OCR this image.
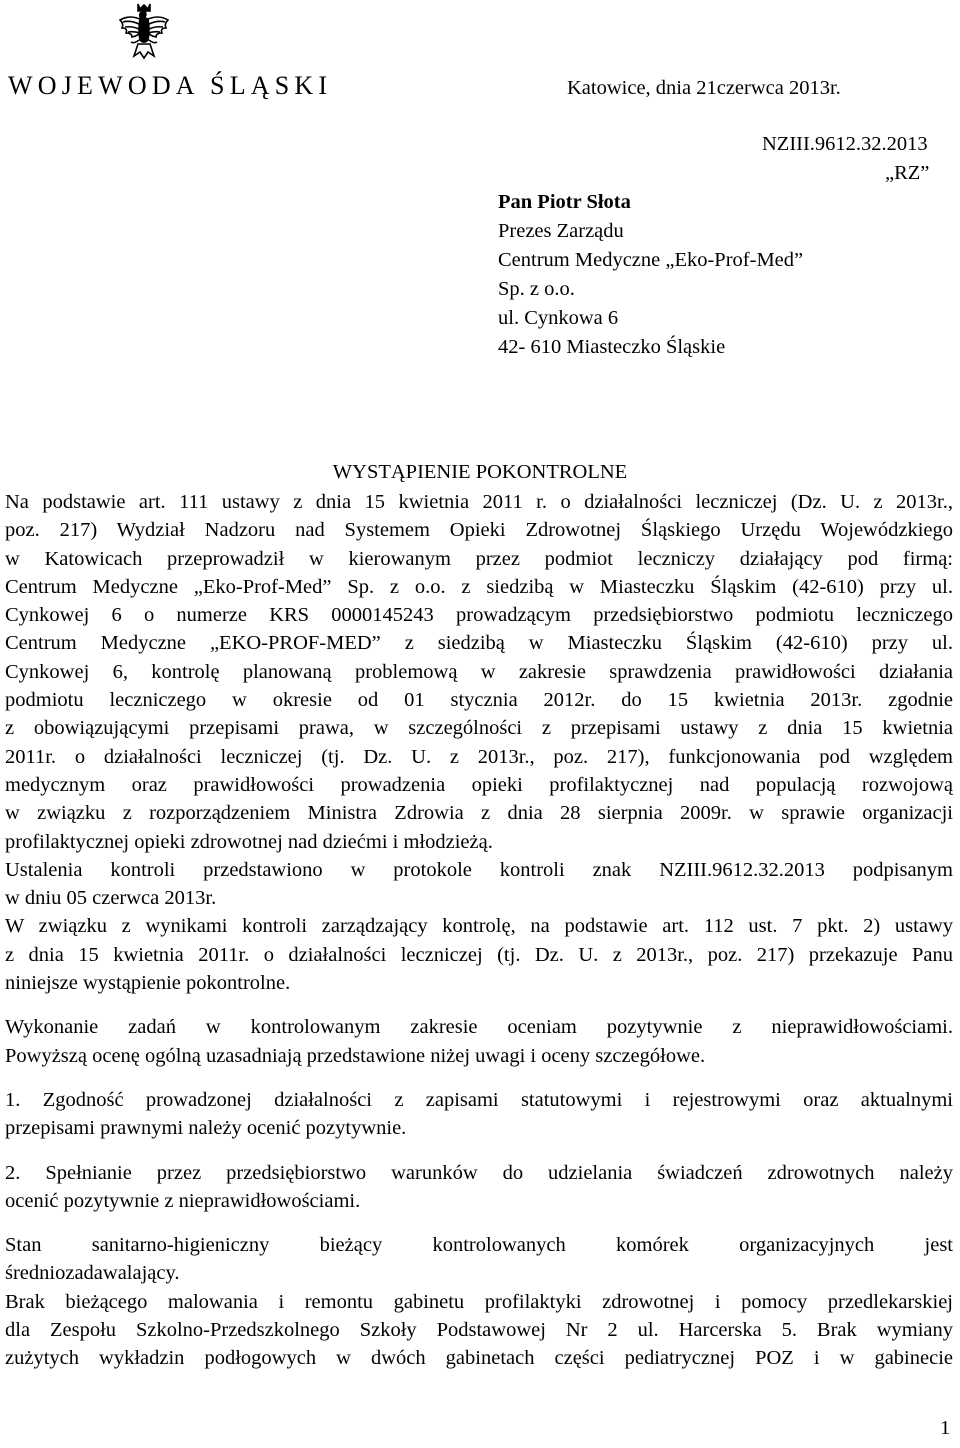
WOJEWODA ŚLĄSKI	Katowice, dnia 21czerwca 2013r.
NZIII.9612.32.2013
„RZ”
Pan Piotr Słota
Prezes Zarządu
Centrum Medyczne „Eko-Prof-Med”
Sp. z o.o.
ul. Cynkowa 6
42- 610 Miasteczko Śląskie
WYSTĄPIENIE POKONTROLNE
Na podstawie art. 111 ustawy z dnia 15 kwietnia 2011 r. o działalności leczniczej (Dz. U. z 2013r.,
poz. 217) Wydział Nadzoru nad Systemem Opieki Zdrowotnej Śląskiego Urzędu Wojewódzkiego
w Katowicach przeprowadził w kierowanym przez podmiot leczniczy działający pod firmą:
Centrum Medyczne „Eko-Prof-Med” Sp. z o.o. z siedzibą w Miasteczku Śląskim (42-610) przy ul.
Cynkowej 6 o numerze KRS 0000145243 prowadzącym przedsiębiorstwo podmiotu leczniczego
Centrum Medyczne „EKO-PROF-MED” z siedzibą w Miasteczku Śląskim (42-610) przy ul.
Cynkowej 6, kontrolę planowaną problemową w zakresie sprawdzenia prawidłowości działania
podmiotu leczniczego w okresie od 01 stycznia 2012r. do 15 kwietnia 2013r. zgodnie
z obowiązującymi przepisami prawa, w szczególności z przepisami ustawy z dnia 15 kwietnia
2011r. o działalności leczniczej (tj. Dz. U. z 2013r., poz. 217), funkcjonowania pod względem
medycznym oraz prawidłowości prowadzenia opieki profilaktycznej nad populacją rozwojową
w związku z rozporządzeniem Ministra Zdrowia z dnia 28 sierpnia 2009r. w sprawie organizacji
profilaktycznej opieki zdrowotnej nad dziećmi i młodzieżą.
Ustalenia kontroli przedstawiono w protokole kontroli znak NZIII.9612.32.2013 podpisanym
w dniu 05 czerwca 2013r.
W związku z wynikami kontroli zarządzający kontrolę, na podstawie art. 112 ust. 7 pkt. 2) ustawy
z dnia 15 kwietnia 2011r. o działalności leczniczej (tj. Dz. U. z 2013r., poz. 217) przekazuje Panu
niniejsze wystąpienie pokontrolne.
Wykonanie zadań w kontrolowanym zakresie oceniam pozytywnie z nieprawidłowościami.
Powyższą ocenę ogólną uzasadniają przedstawione niżej uwagi i oceny szczegółowe.
1. Zgodność prowadzonej działalności z zapisami statutowymi i rejestrowymi oraz aktualnymi
przepisami prawnymi należy ocenić pozytywnie.
2. Spełnianie przez przedsiębiorstwo warunków do udzielania świadczeń zdrowotnych należy
ocenić pozytywnie z nieprawidłowościami.
Stan sanitarno-higieniczny bieżący kontrolowanych komórek organizacyjnych jest
średniozadawalający.
Brak bieżącego malowania i remontu gabinetu profilaktyki zdrowotnej i pomocy przedlekarskiej
dla Zespołu Szkolno-Przedszkolnego Szkoły Podstawowej Nr 2 ul. Harcerska 5. Brak wymiany
zużytych wykładzin podłogowych w dwóch gabinetach części pediatrycznej POZ i w gabinecie
1
